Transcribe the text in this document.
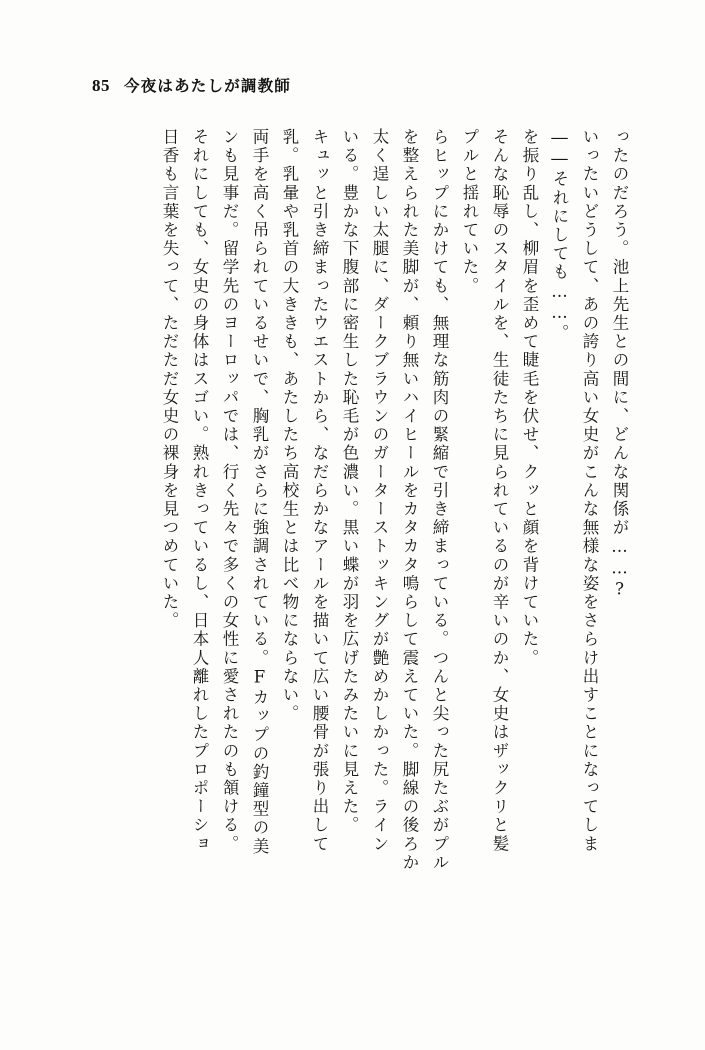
85 今夜はあたしが調教師
日香も言葉を失って、ただただ女史の裸身を見つめていた。 それにしても、女史の身体はスゴい。熟れきっているし、日本人離れしたプロポーショ ンも見事だ。留学先のヨーロッパでは、行く先々で多くの女性に愛されたのも頷ける。 両手を高く吊られているせいで、胸乳がさらに強調されている。Fカップの釣鐘型の美 乳。乳暈や乳首の大ききも、あたしたち高校生とは比べ物にならない。 キュッと引き締まったウエストから、なだらかなアールを描いて広い腰骨が張り出して いる。豊かな下腹部に密生した恥毛が色濃い。黒い蝶が羽を広げたみたいに見えた。 太く逞しい太腿に、ダークブラウンのガーターストッキングが艶めかしかった。ライン を整えられた美脚が、頼り無いハイヒールをカタカタ鳴らして震えていた。脚線の後ろか らヒップにかけても、無理な筋肉の緊縮で引き締まっている。つんと尖った尻たぶがプル プルと揺れていた。 そんな恥辱のスタイルを、生徒たちに見られているのが辛いのか、女史はザックリと髪 を振り乱し、柳眉を歪めて睫毛を伏せ、クッと顔を背けていた。 ――それにしても……。 いったいどうして、あの誇り高い女史がこんな無様な姿をさらけ出すことになってしま ったのだろう。池上先生との間に、どんな関係が……?
